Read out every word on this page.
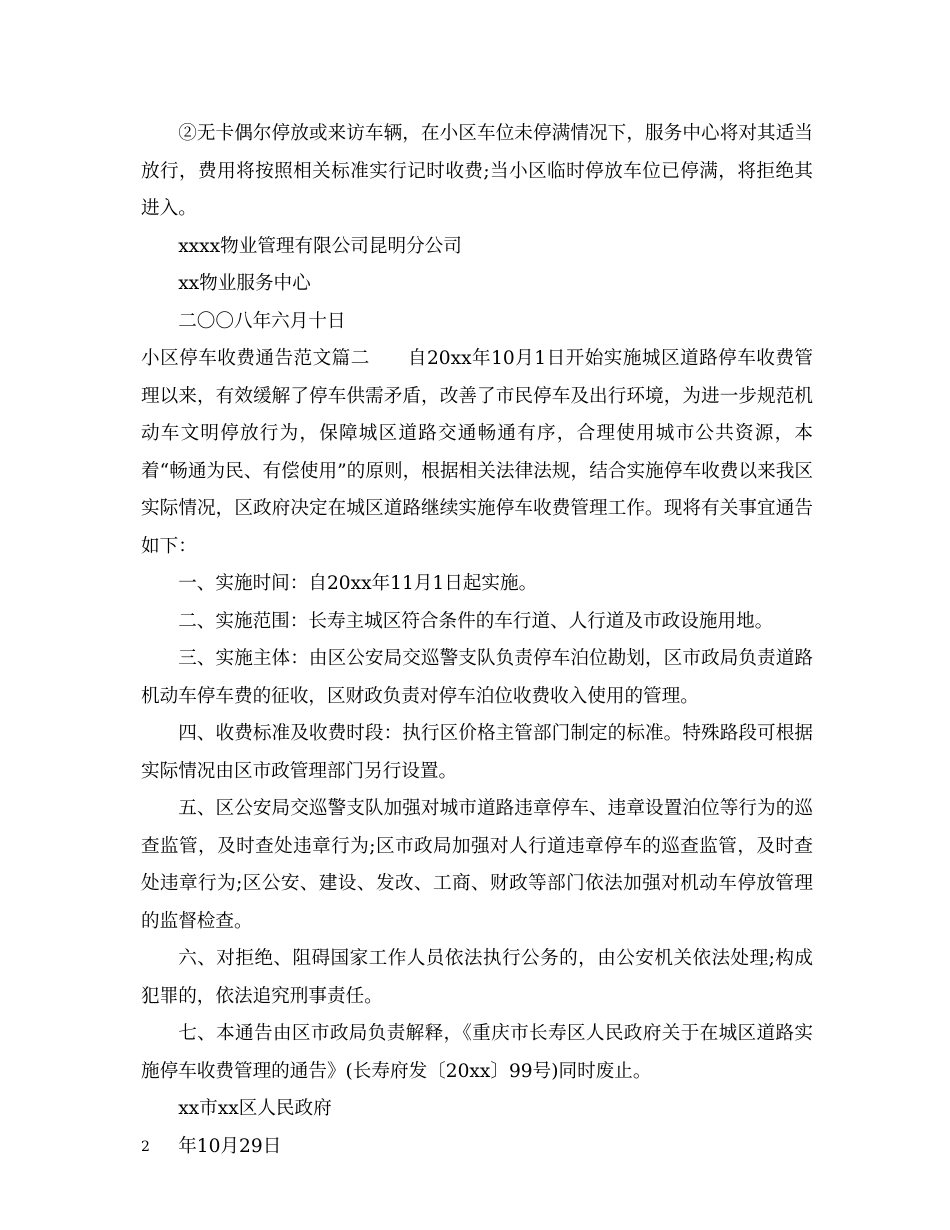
②无卡偶尔停放或来访车辆，在小区车位未停满情况下，服务中心将对其适当放行，费用将按照相关标准实行记时收费;当小区临时停放车位已停满，将拒绝其进入。

xxxx物业管理有限公司昆明分公司

xx物业服务中心

二〇〇八年六月十日

小区停车收费通告范文篇二　　自20xx年10月1日开始实施城区道路停车收费管理以来，有效缓解了停车供需矛盾，改善了市民停车及出行环境，为进一步规范机动车文明停放行为，保障城区道路交通畅通有序，合理使用城市公共资源，本着“畅通为民、有偿使用”的原则，根据相关法律法规，结合实施停车收费以来我区实际情况，区政府决定在城区道路继续实施停车收费管理工作。现将有关事宜通告如下：

一、实施时间：自20xx年11月1日起实施。

二、实施范围：长寿主城区符合条件的车行道、人行道及市政设施用地。

三、实施主体：由区公安局交巡警支队负责停车泊位勘划，区市政局负责道路机动车停车费的征收，区财政负责对停车泊位收费收入使用的管理。

四、收费标准及收费时段：执行区价格主管部门制定的标准。特殊路段可根据实际情况由区市政管理部门另行设置。

五、区公安局交巡警支队加强对城市道路违章停车、违章设置泊位等行为的巡查监管，及时查处违章行为;区市政局加强对人行道违章停车的巡查监管，及时查处违章行为;区公安、建设、发改、工商、财政等部门依法加强对机动车停放管理的监督检查。

六、对拒绝、阻碍国家工作人员依法执行公务的，由公安机关依法处理;构成犯罪的，依法追究刑事责任。

七、本通告由区市政局负责解释，《重庆市长寿区人民政府关于在城区道路实施停车收费管理的通告》(长寿府发〔20xx〕99号)同时废止。

xx市xx区人民政府

年10月29日

2
